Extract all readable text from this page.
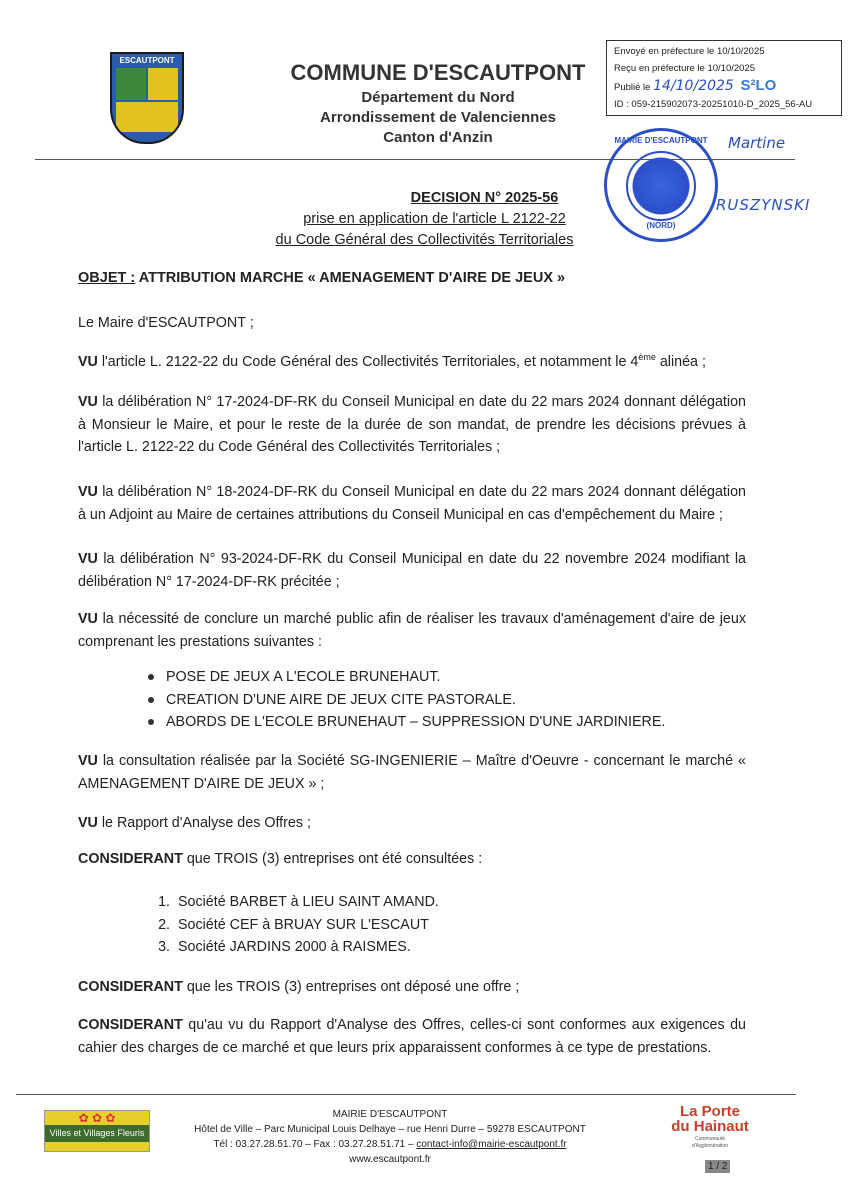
ESCAUTPONT	COMMUNE D'ESCAUTPONT
Département du Nord
Arrondissement de Valenciennes
Canton d'Anzin
Envoyé en préfecture le 10/10/2025
Reçu en préfecture le 10/10/2025
Publié le 14/10/2025 S²LO
ID : 059-215902073-20251010-D_2025_56-AU
MAIRIE D'ESCAUTPONT
(NORD)
Martine
RUSZYNSKI
DECISION N° 2025-56
prise en application de l'article L 2122-22
du Code Général des Collectivités Territoriales
OBJET : ATTRIBUTION MARCHE « AMENAGEMENT D'AIRE DE JEUX »
Le Maire d'ESCAUTPONT ;
VU l'article L. 2122-22 du Code Général des Collectivités Territoriales, et notamment le 4ème alinéa ;
VU la délibération N° 17-2024-DF-RK du Conseil Municipal en date du 22 mars 2024 donnant délégation à Monsieur le Maire, et pour le reste de la durée de son mandat, de prendre les décisions prévues à l'article L. 2122-22 du Code Général des Collectivités Territoriales ;
VU la délibération N° 18-2024-DF-RK du Conseil Municipal en date du 22 mars 2024 donnant délégation à un Adjoint au Maire de certaines attributions du Conseil Municipal en cas d'empêchement du Maire ;
VU la délibération N° 93-2024-DF-RK du Conseil Municipal en date du 22 novembre 2024 modifiant la délibération N° 17-2024-DF-RK précitée ;
VU la nécessité de conclure un marché public afin de réaliser les travaux d'aménagement d'aire de jeux comprenant les prestations suivantes :
POSE DE JEUX A L'ECOLE BRUNEHAUT.
CREATION D'UNE AIRE DE JEUX CITE PASTORALE.
ABORDS DE L'ECOLE BRUNEHAUT – SUPPRESSION D'UNE JARDINIERE.
VU la consultation réalisée par la Société SG-INGENIERIE – Maître d'Oeuvre - concernant le marché « AMENAGEMENT D'AIRE DE JEUX » ;
VU le Rapport d'Analyse des Offres ;
CONSIDERANT que TROIS (3) entreprises ont été consultées :
1. Société BARBET à LIEU SAINT AMAND.
2. Société CEF à BRUAY SUR L'ESCAUT
3. Société JARDINS 2000 à RAISMES.
CONSIDERANT que les TROIS (3) entreprises ont déposé une offre ;
CONSIDERANT qu'au vu du Rapport d'Analyse des Offres, celles-ci sont conformes aux exigences du cahier des charges de ce marché et que leurs prix apparaissent conformes à ce type de prestations.
✿ ✿ ✿
Villes et Villages Fleuris
MAIRIE D'ESCAUTPONT
Hôtel de Ville – Parc Municipal Louis Delhaye – rue Henri Durre – 59278 ESCAUTPONT
Tél : 03.27.28.51.70 – Fax : 03.27.28.51.71 – contact-info@mairie-escautpont.fr
www.escautpont.fr
La Porte
du Hainaut
Communauté d'Agglomération
1 / 2
